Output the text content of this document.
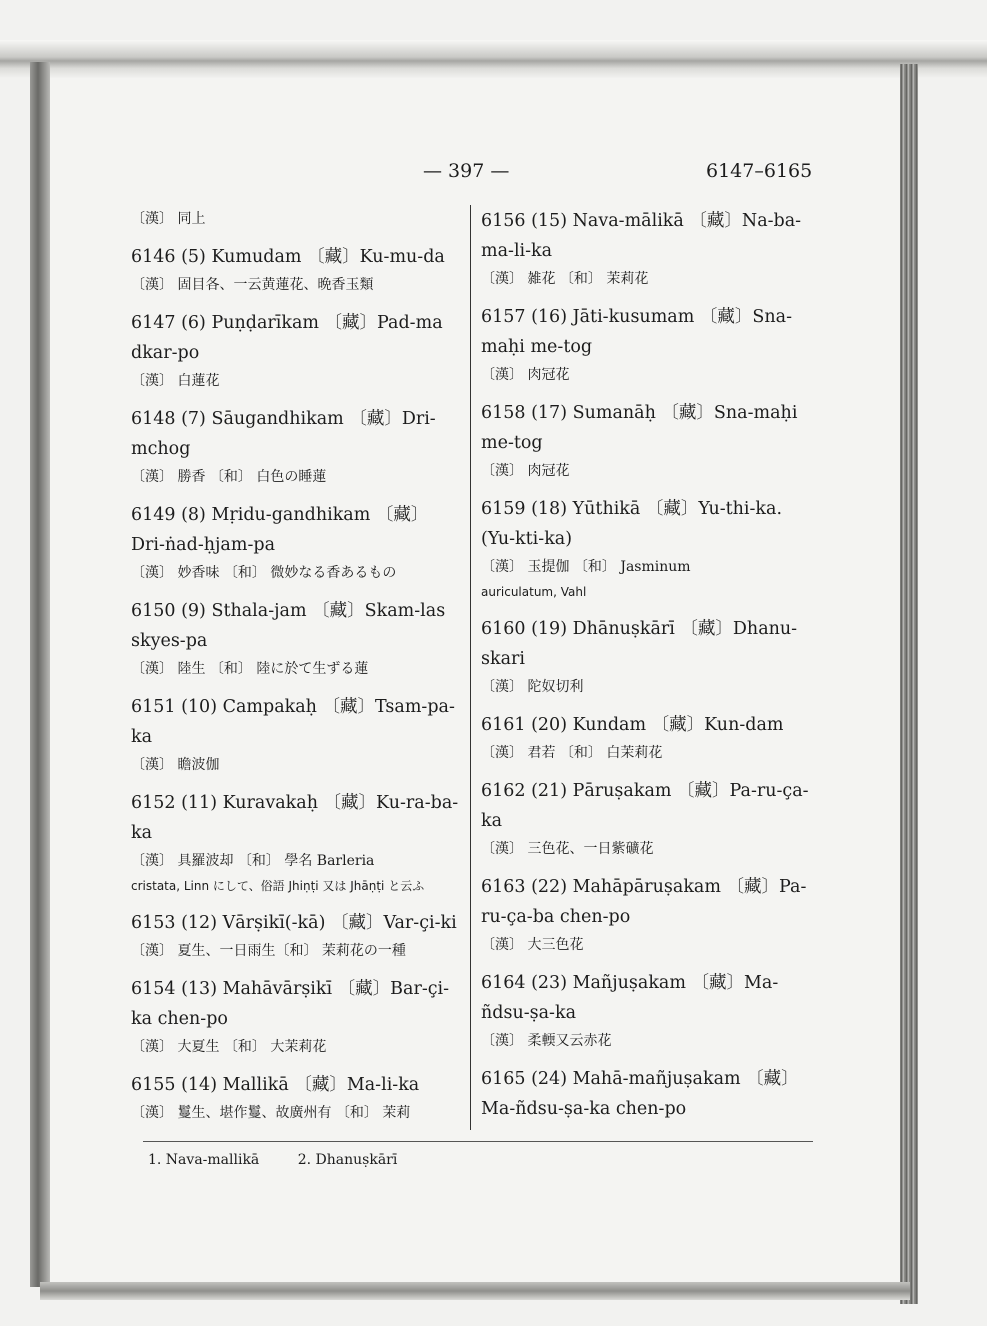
— 397 —	6147–6165
〔漢〕 同上
6146 (5) Kumudam 〔藏〕Ku-mu-da
〔漢〕 固目各、一云黄蓮花、晩香玉類
6147 (6) Puṇḍarīkam 〔藏〕Pad-ma dkar-po
〔漢〕 白蓮花
6148 (7) Sāugandhikam 〔藏〕Dri-mchog
〔漢〕 勝香 〔和〕 白色の睡蓮
6149 (8) Mṛidu-gandhikam 〔藏〕Dri-ṅad-ḥjam-pa
〔漢〕 妙香味 〔和〕 微妙なる香あるもの
6150 (9) Sthala-jam 〔藏〕Skam-las skyes-pa
〔漢〕 陸生 〔和〕 陸に於て生ずる蓮
6151 (10) Campakaḥ 〔藏〕Tsam-pa-ka
〔漢〕 瞻波伽
6152 (11) Kuravakaḥ 〔藏〕Ku-ra-ba-ka
〔漢〕 具羅波却 〔和〕 學名 Barleria
cristata, Linn にして、俗語 Jhiṇṭi 又は Jhāṇṭi と云ふ
6153 (12) Vārṣikī(-kā) 〔藏〕Var-çi-ki
〔漢〕 夏生、一日雨生〔和〕 茉莉花の一種
6154 (13) Mahāvārṣikī 〔藏〕Bar-çi-ka chen-po
〔漢〕 大夏生 〔和〕 大茉莉花
6155 (14) Mallikā 〔藏〕Ma-li-ka
〔漢〕 鬘生、堪作鬘、故廣州有 〔和〕 茉莉
6156 (15) Nava-mālikā 〔藏〕Na-ba-ma-li-ka
〔漢〕 雑花 〔和〕 茉莉花
6157 (16) Jāti-kusumam 〔藏〕Sna-maḥi me-tog
〔漢〕 肉冠花
6158 (17) Sumanāḥ 〔藏〕Sna-maḥi me-tog
〔漢〕 肉冠花
6159 (18) Yūthikā 〔藏〕Yu-thi-ka. (Yu-kti-ka)
〔漢〕 玉提伽 〔和〕 Jasminum
auriculatum, Vahl
6160 (19) Dhānuṣkārī 〔藏〕Dhanu-skari
〔漢〕 陀奴切利
6161 (20) Kundam 〔藏〕Kun-dam
〔漢〕 君若 〔和〕 白茉莉花
6162 (21) Pāruṣakam 〔藏〕Pa-ru-ça-ka
〔漢〕 三色花、一日紫礦花
6163 (22) Mahāpāruṣakam 〔藏〕Pa-ru-ça-ba chen-po
〔漢〕 大三色花
6164 (23) Mañjuṣakam 〔藏〕Ma-ñdsu-ṣa-ka
〔漢〕 柔輭又云赤花
6165 (24) Mahā-mañjuṣakam 〔藏〕Ma-ñdsu-ṣa-ka chen-po
1. Nava-mallikā	2. Dhanuṣkārī
